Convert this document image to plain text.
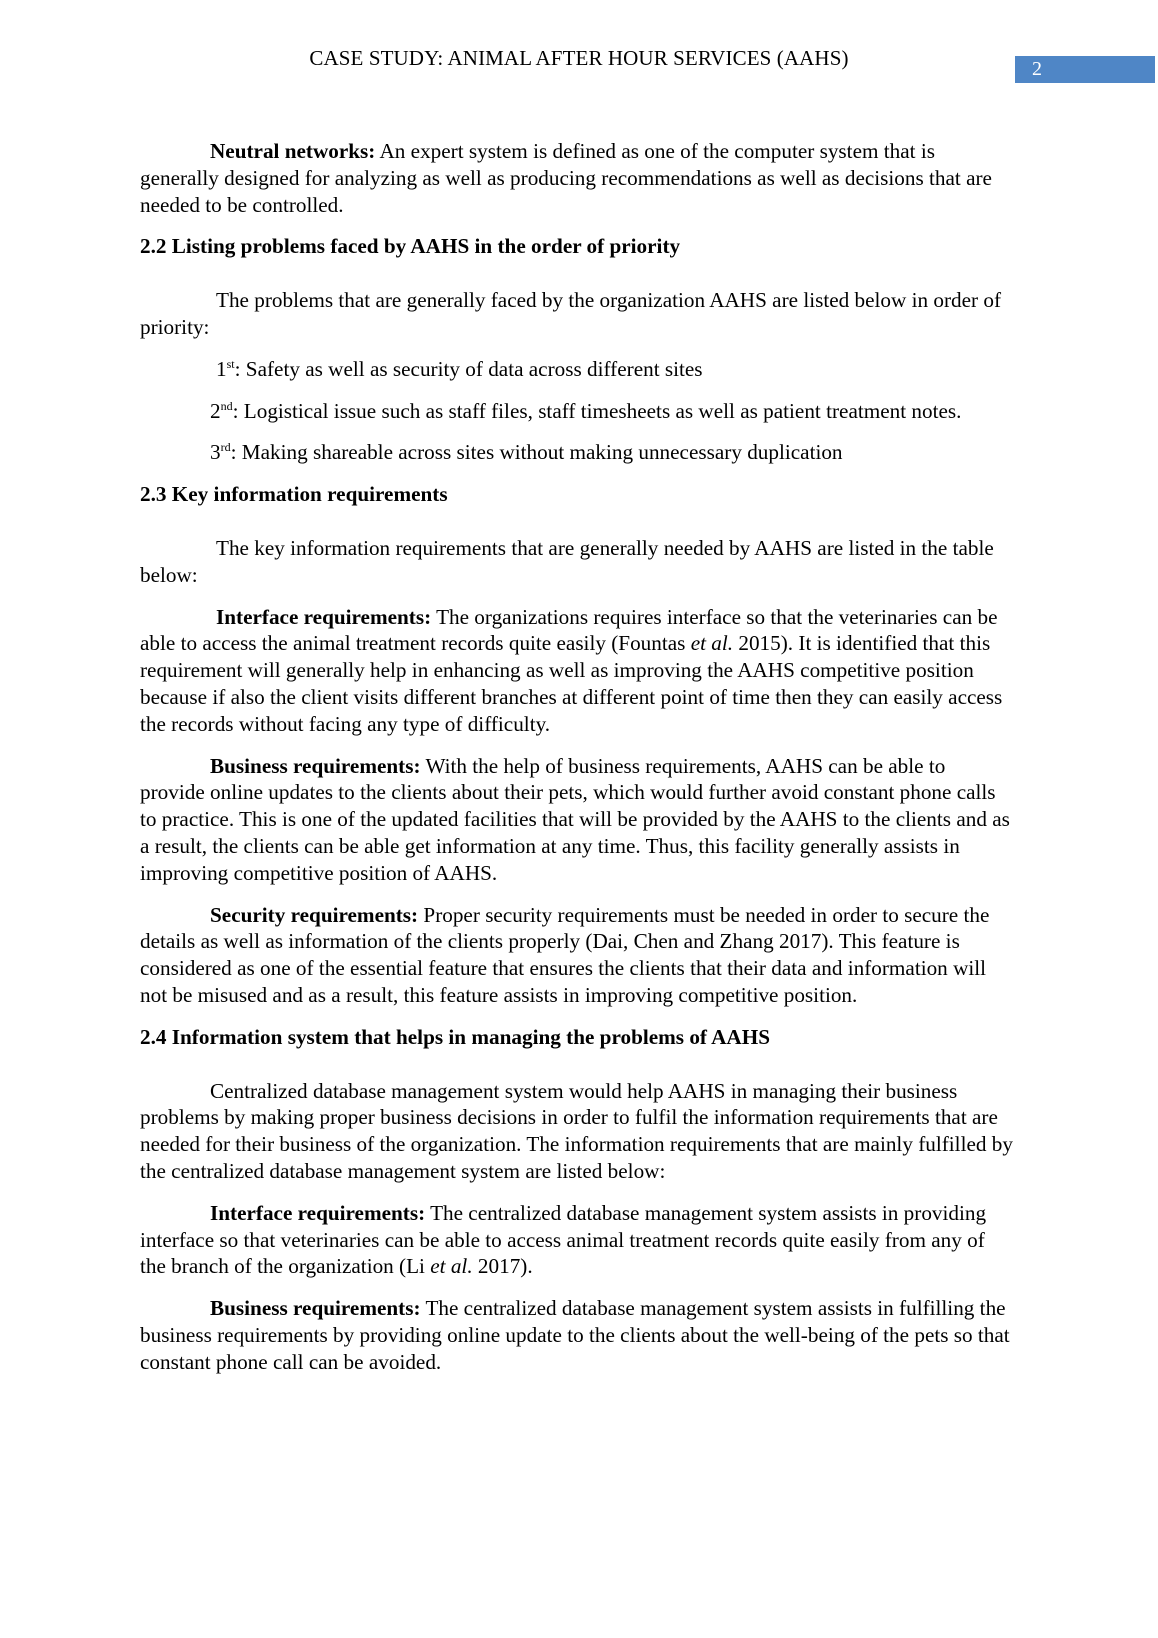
CASE STUDY: ANIMAL AFTER HOUR SERVICES (AAHS)	2

Neutral networks: An expert system is defined as one of the computer system that is generally designed for analyzing as well as producing recommendations as well as decisions that are needed to be controlled.

2.2 Listing problems faced by AAHS in the order of priority

The problems that are generally faced by the organization AAHS are listed below in order of priority:

1st: Safety as well as security of data across different sites

2nd: Logistical issue such as staff files, staff timesheets as well as patient treatment notes.

3rd: Making shareable across sites without making unnecessary duplication

2.3 Key information requirements

The key information requirements that are generally needed by AAHS are listed in the table below:

Interface requirements: The organizations requires interface so that the veterinaries can be able to access the animal treatment records quite easily (Fountas et al. 2015). It is identified that this requirement will generally help in enhancing as well as improving the AAHS competitive position because if also the client visits different branches at different point of time then they can easily access the records without facing any type of difficulty.

Business requirements: With the help of business requirements, AAHS can be able to provide online updates to the clients about their pets, which would further avoid constant phone calls to practice. This is one of the updated facilities that will be provided by the AAHS to the clients and as a result, the clients can be able get information at any time. Thus, this facility generally assists in improving competitive position of AAHS.

Security requirements: Proper security requirements must be needed in order to secure the details as well as information of the clients properly (Dai, Chen and Zhang 2017). This feature is considered as one of the essential feature that ensures the clients that their data and information will not be misused and as a result, this feature assists in improving competitive position.

2.4 Information system that helps in managing the problems of AAHS

Centralized database management system would help AAHS in managing their business problems by making proper business decisions in order to fulfil the information requirements that are needed for their business of the organization. The information requirements that are mainly fulfilled by the centralized database management system are listed below:

Interface requirements: The centralized database management system assists in providing interface so that veterinaries can be able to access animal treatment records quite easily from any of the branch of the organization (Li et al. 2017).

Business requirements: The centralized database management system assists in fulfilling the business requirements by providing online update to the clients about the well-being of the pets so that constant phone call can be avoided.
